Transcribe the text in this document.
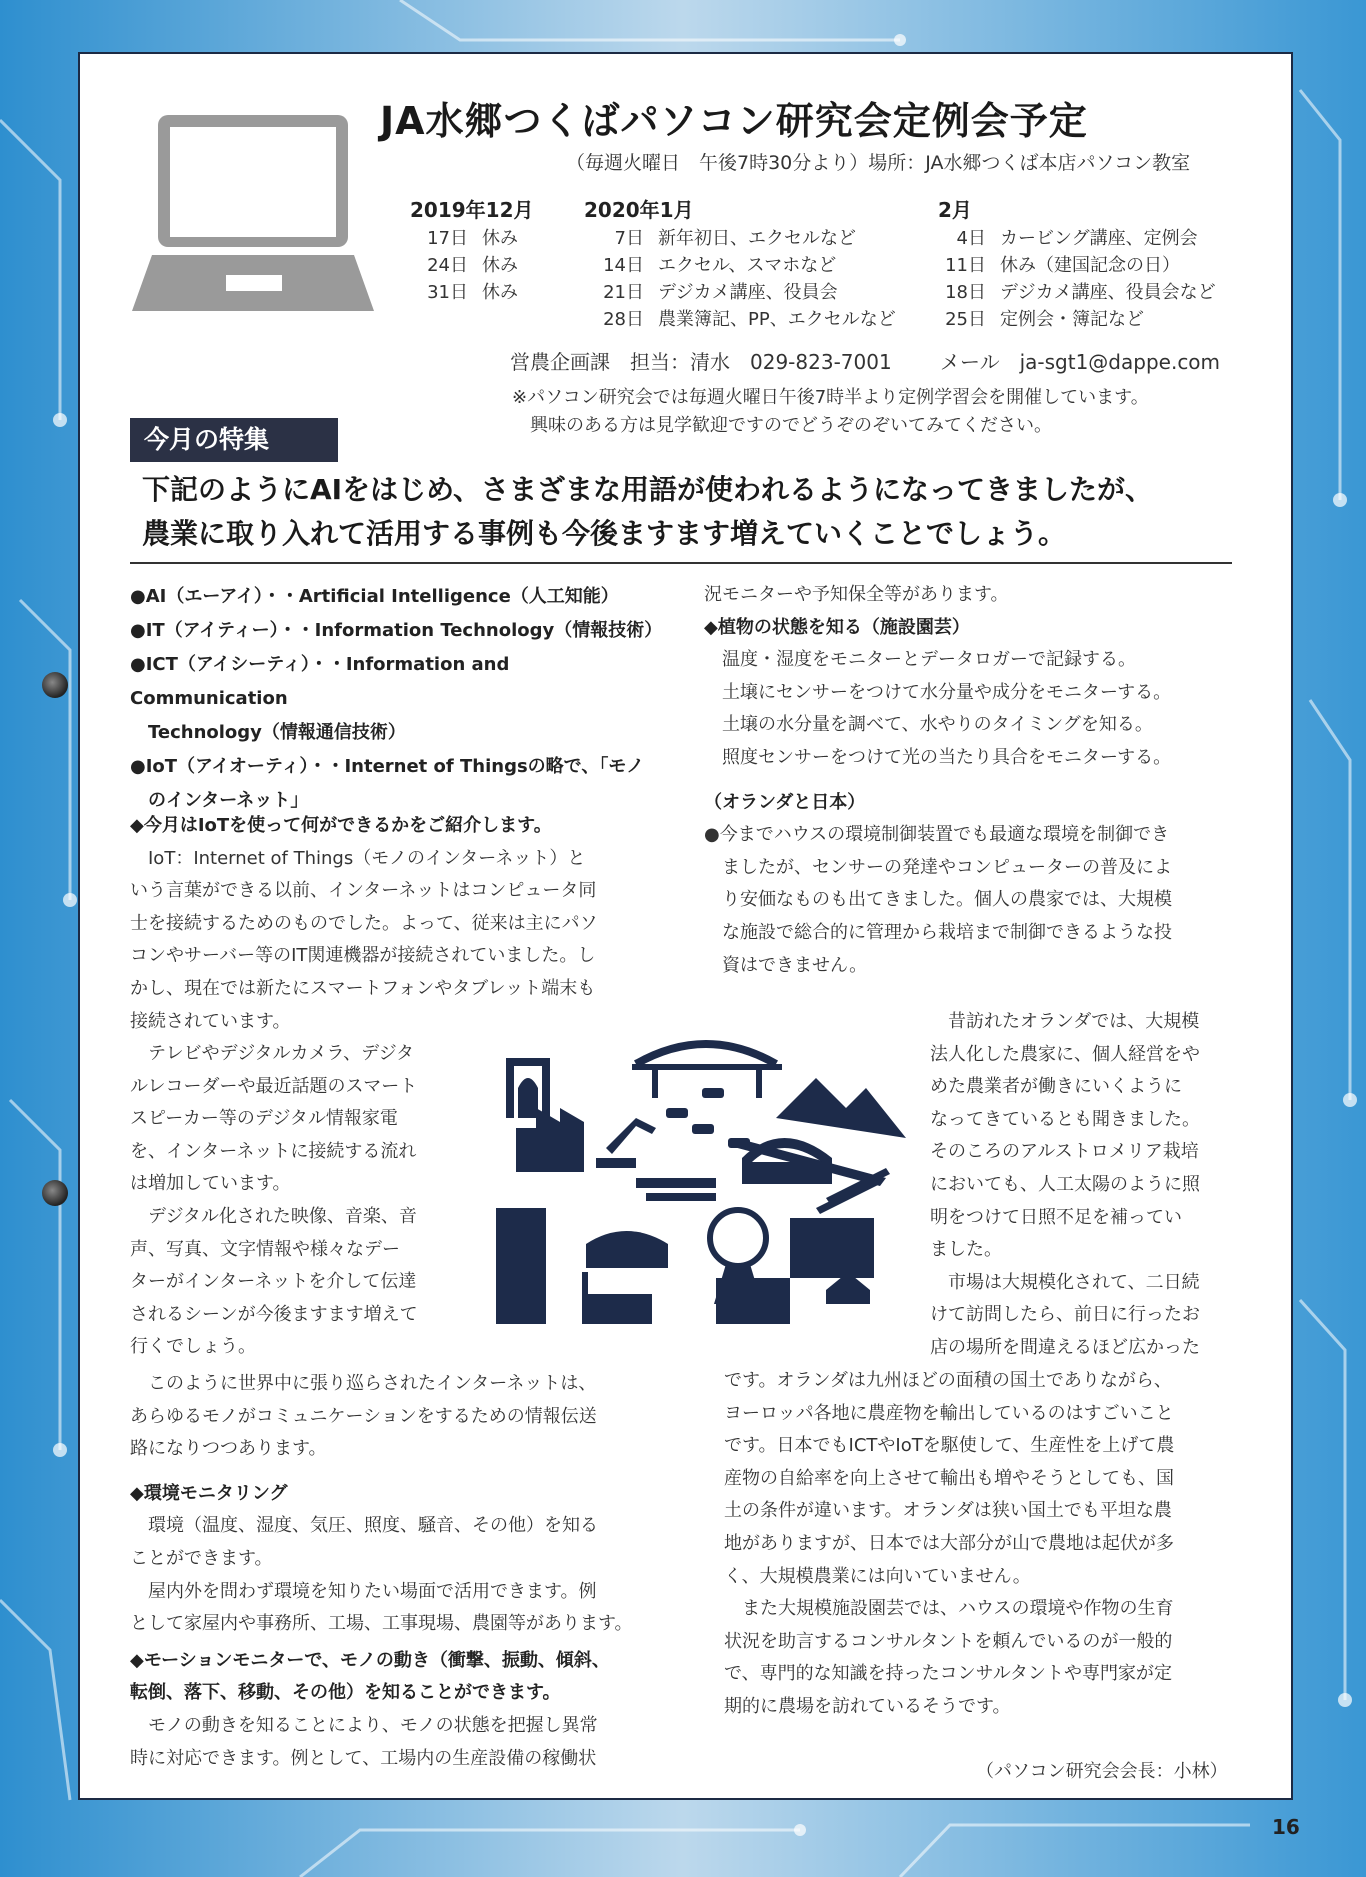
JA水郷つくばパソコン研究会定例会予定
（毎週火曜日　午後7時30分より）場所：JA水郷つくば本店パソコン教室
2019年12月
17日 休み
24日 休み
31日 休み
2020年1月
7日 新年初日、エクセルなど
14日 エクセル、スマホなど
21日 デジカメ講座、役員会
28日 農業簿記、PP、エクセルなど
2月
4日 カービング講座、定例会
11日 休み（建国記念の日）
18日 デジカメ講座、役員会など
25日 定例会・簿記など
営農企画課　担当：清水　029-823-7001 メール　ja-sgt1@dappe.com
※パソコン研究会では毎週火曜日午後7時半より定例学習会を開催しています。
興味のある方は見学歓迎ですのでどうぞのぞいてみてください。
今月の特集
下記のようにAIをはじめ、さまざまな用語が使われるようになってきましたが、
農業に取り入れて活用する事例も今後ますます増えていくことでしょう。

●AI（エーアイ）・・Artificial Intelligence（人工知能）

●IT（アイティー）・・Information Technology（情報技術）

●ICT（アイシーティ）・・Information and Communication

　Technology（情報通信技術）

●IoT（アイオーティ）・・Internet of Thingsの略で、「モノ

　のインターネット」

◆今月はIoTを使って何ができるかをご紹介します。

　IoT：Internet of Things（モノのインターネット）と

いう言葉ができる以前、インターネットはコンピュータ同

士を接続するためのものでした。よって、従来は主にパソ

コンやサーバー等のIT関連機器が接続されていました。し

かし、現在では新たにスマートフォンやタブレット端末も

接続されています。

　テレビやデジタルカメラ、デジタ

ルレコーダーや最近話題のスマート

スピーカー等のデジタル情報家電

を、インターネットに接続する流れ

は増加しています。

　デジタル化された映像、音楽、音

声、写真、文字情報や様々なデー

ターがインターネットを介して伝達

されるシーンが今後ますます増えて

行くでしょう。

　このように世界中に張り巡らされたインターネットは、

あらゆるモノがコミュニケーションをするための情報伝送

路になりつつあります。

◆環境モニタリング

　環境（温度、湿度、気圧、照度、騒音、その他）を知る

ことができます。

　屋内外を問わず環境を知りたい場面で活用できます。例

として家屋内や事務所、工場、工事現場、農園等があります。

◆モーションモニターで、モノの動き（衝撃、振動、傾斜、

転倒、落下、移動、その他）を知ることができます。

　モノの動きを知ることにより、モノの状態を把握し異常

時に対応できます。例として、工場内の生産設備の稼働状

況モニターや予知保全等があります。

◆植物の状態を知る（施設園芸）

温度・湿度をモニターとデータロガーで記録する。

土壌にセンサーをつけて水分量や成分をモニターする。

土壌の水分量を調べて、水やりのタイミングを知る。

照度センサーをつけて光の当たり具合をモニターする。

（オランダと日本）

●今までハウスの環境制御装置でも最適な環境を制御でき

　ましたが、センサーの発達やコンピューターの普及によ

　り安価なものも出てきました。個人の農家では、大規模

　な施設で総合的に管理から栽培まで制御できるような投

　資はできません。

　昔訪れたオランダでは、大規模

法人化した農家に、個人経営をや

めた農業者が働きにいくように

なってきているとも聞きました。

そのころのアルストロメリア栽培

においても、人工太陽のように照

明をつけて日照不足を補ってい

ました。

　市場は大規模化されて、二日続

けて訪問したら、前日に行ったお

店の場所を間違えるほど広かった

です。オランダは九州ほどの面積の国土でありながら、

ヨーロッパ各地に農産物を輸出しているのはすごいこと

です。日本でもICTやIoTを駆使して、生産性を上げて農

産物の自給率を向上させて輸出も増やそうとしても、国

土の条件が違います。オランダは狭い国土でも平坦な農

地がありますが、日本では大部分が山で農地は起伏が多

く、大規模農業には向いていません。

　また大規模施設園芸では、ハウスの環境や作物の生育

状況を助言するコンサルタントを頼んでいるのが一般的

で、専門的な知識を持ったコンサルタントや専門家が定

期的に農場を訪れているそうです。

（パソコン研究会会長：小林）
16
